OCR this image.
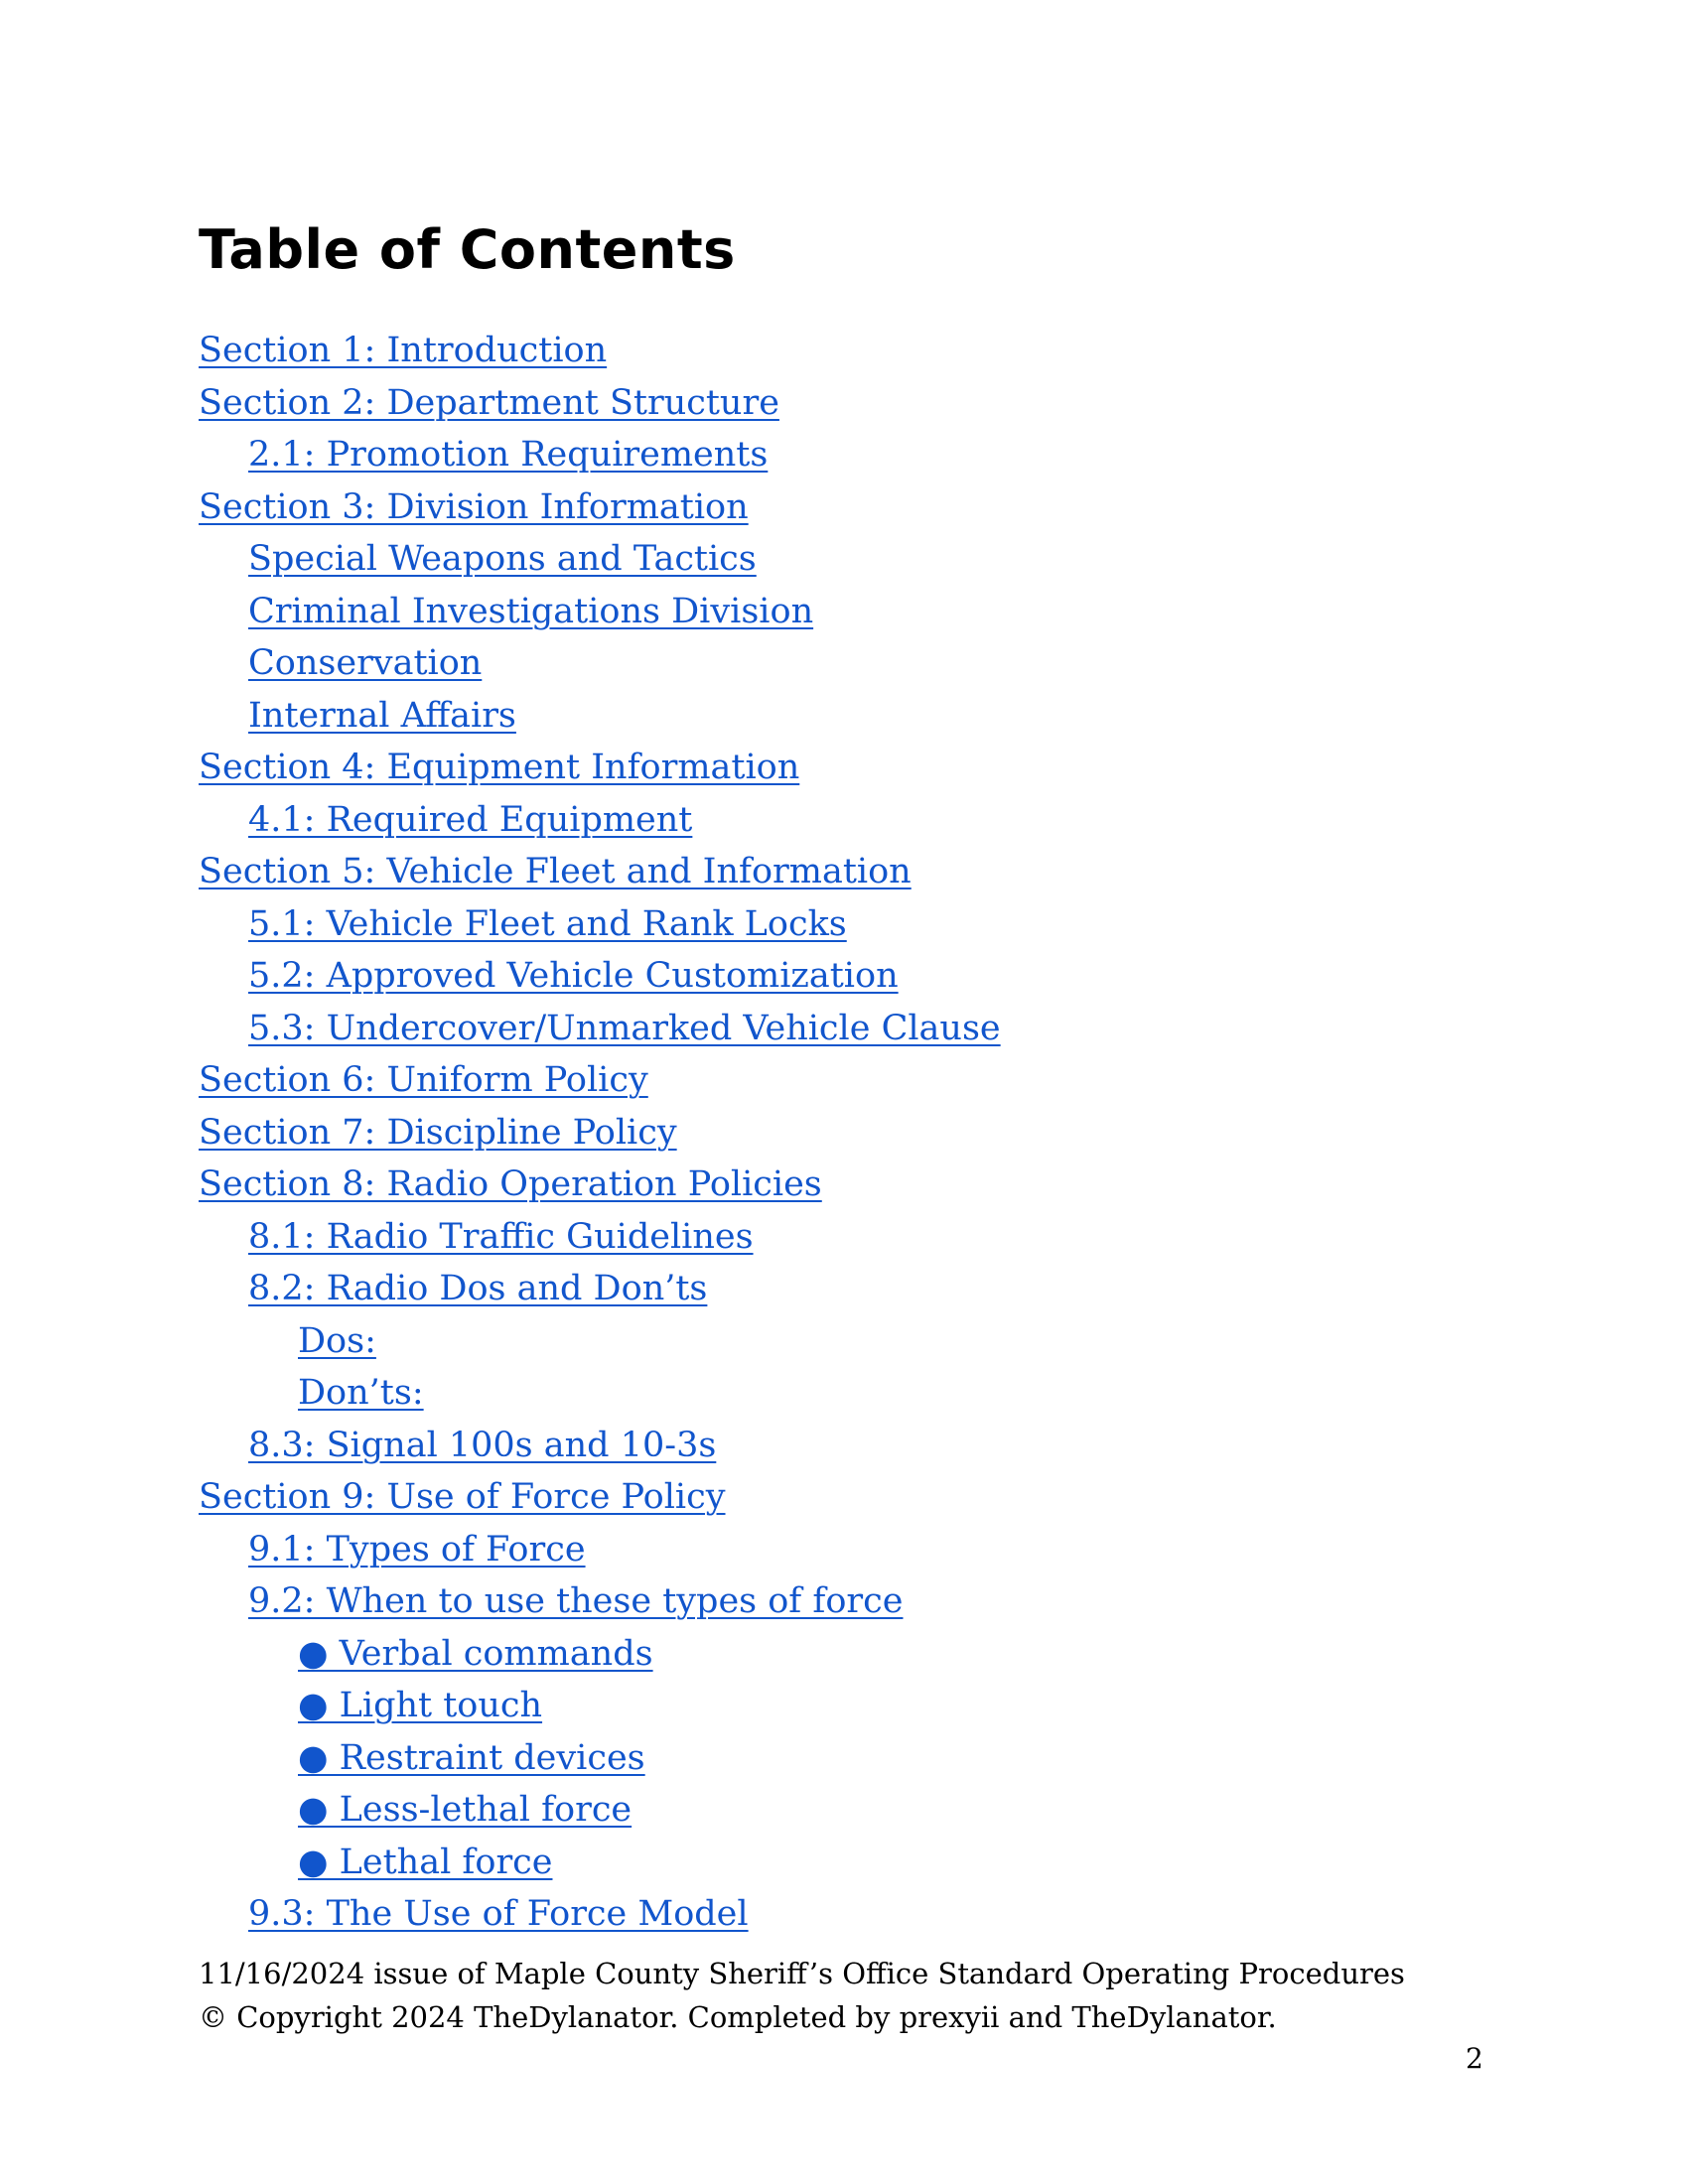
Table of Contents
Section 1: Introduction
Section 2: Department Structure
2.1: Promotion Requirements
Section 3: Division Information
Special Weapons and Tactics
Criminal Investigations Division
Conservation
Internal Affairs
Section 4: Equipment Information
4.1: Required Equipment
Section 5: Vehicle Fleet and Information
5.1: Vehicle Fleet and Rank Locks
5.2: Approved Vehicle Customization
5.3: Undercover/Unmarked Vehicle Clause
Section 6: Uniform Policy
Section 7: Discipline Policy
Section 8: Radio Operation Policies
8.1: Radio Traffic Guidelines
8.2: Radio Dos and Don’ts
Dos:
Don’ts:
8.3: Signal 100s and 10-3s
Section 9: Use of Force Policy
9.1: Types of Force
9.2: When to use these types of force
● Verbal commands
● Light touch
● Restraint devices
● Less-lethal force
● Lethal force
9.3: The Use of Force Model
11/16/2024 issue of Maple County Sheriff’s Office Standard Operating Procedures
© Copyright 2024 TheDylanator. Completed by prexyii and TheDylanator.
2
